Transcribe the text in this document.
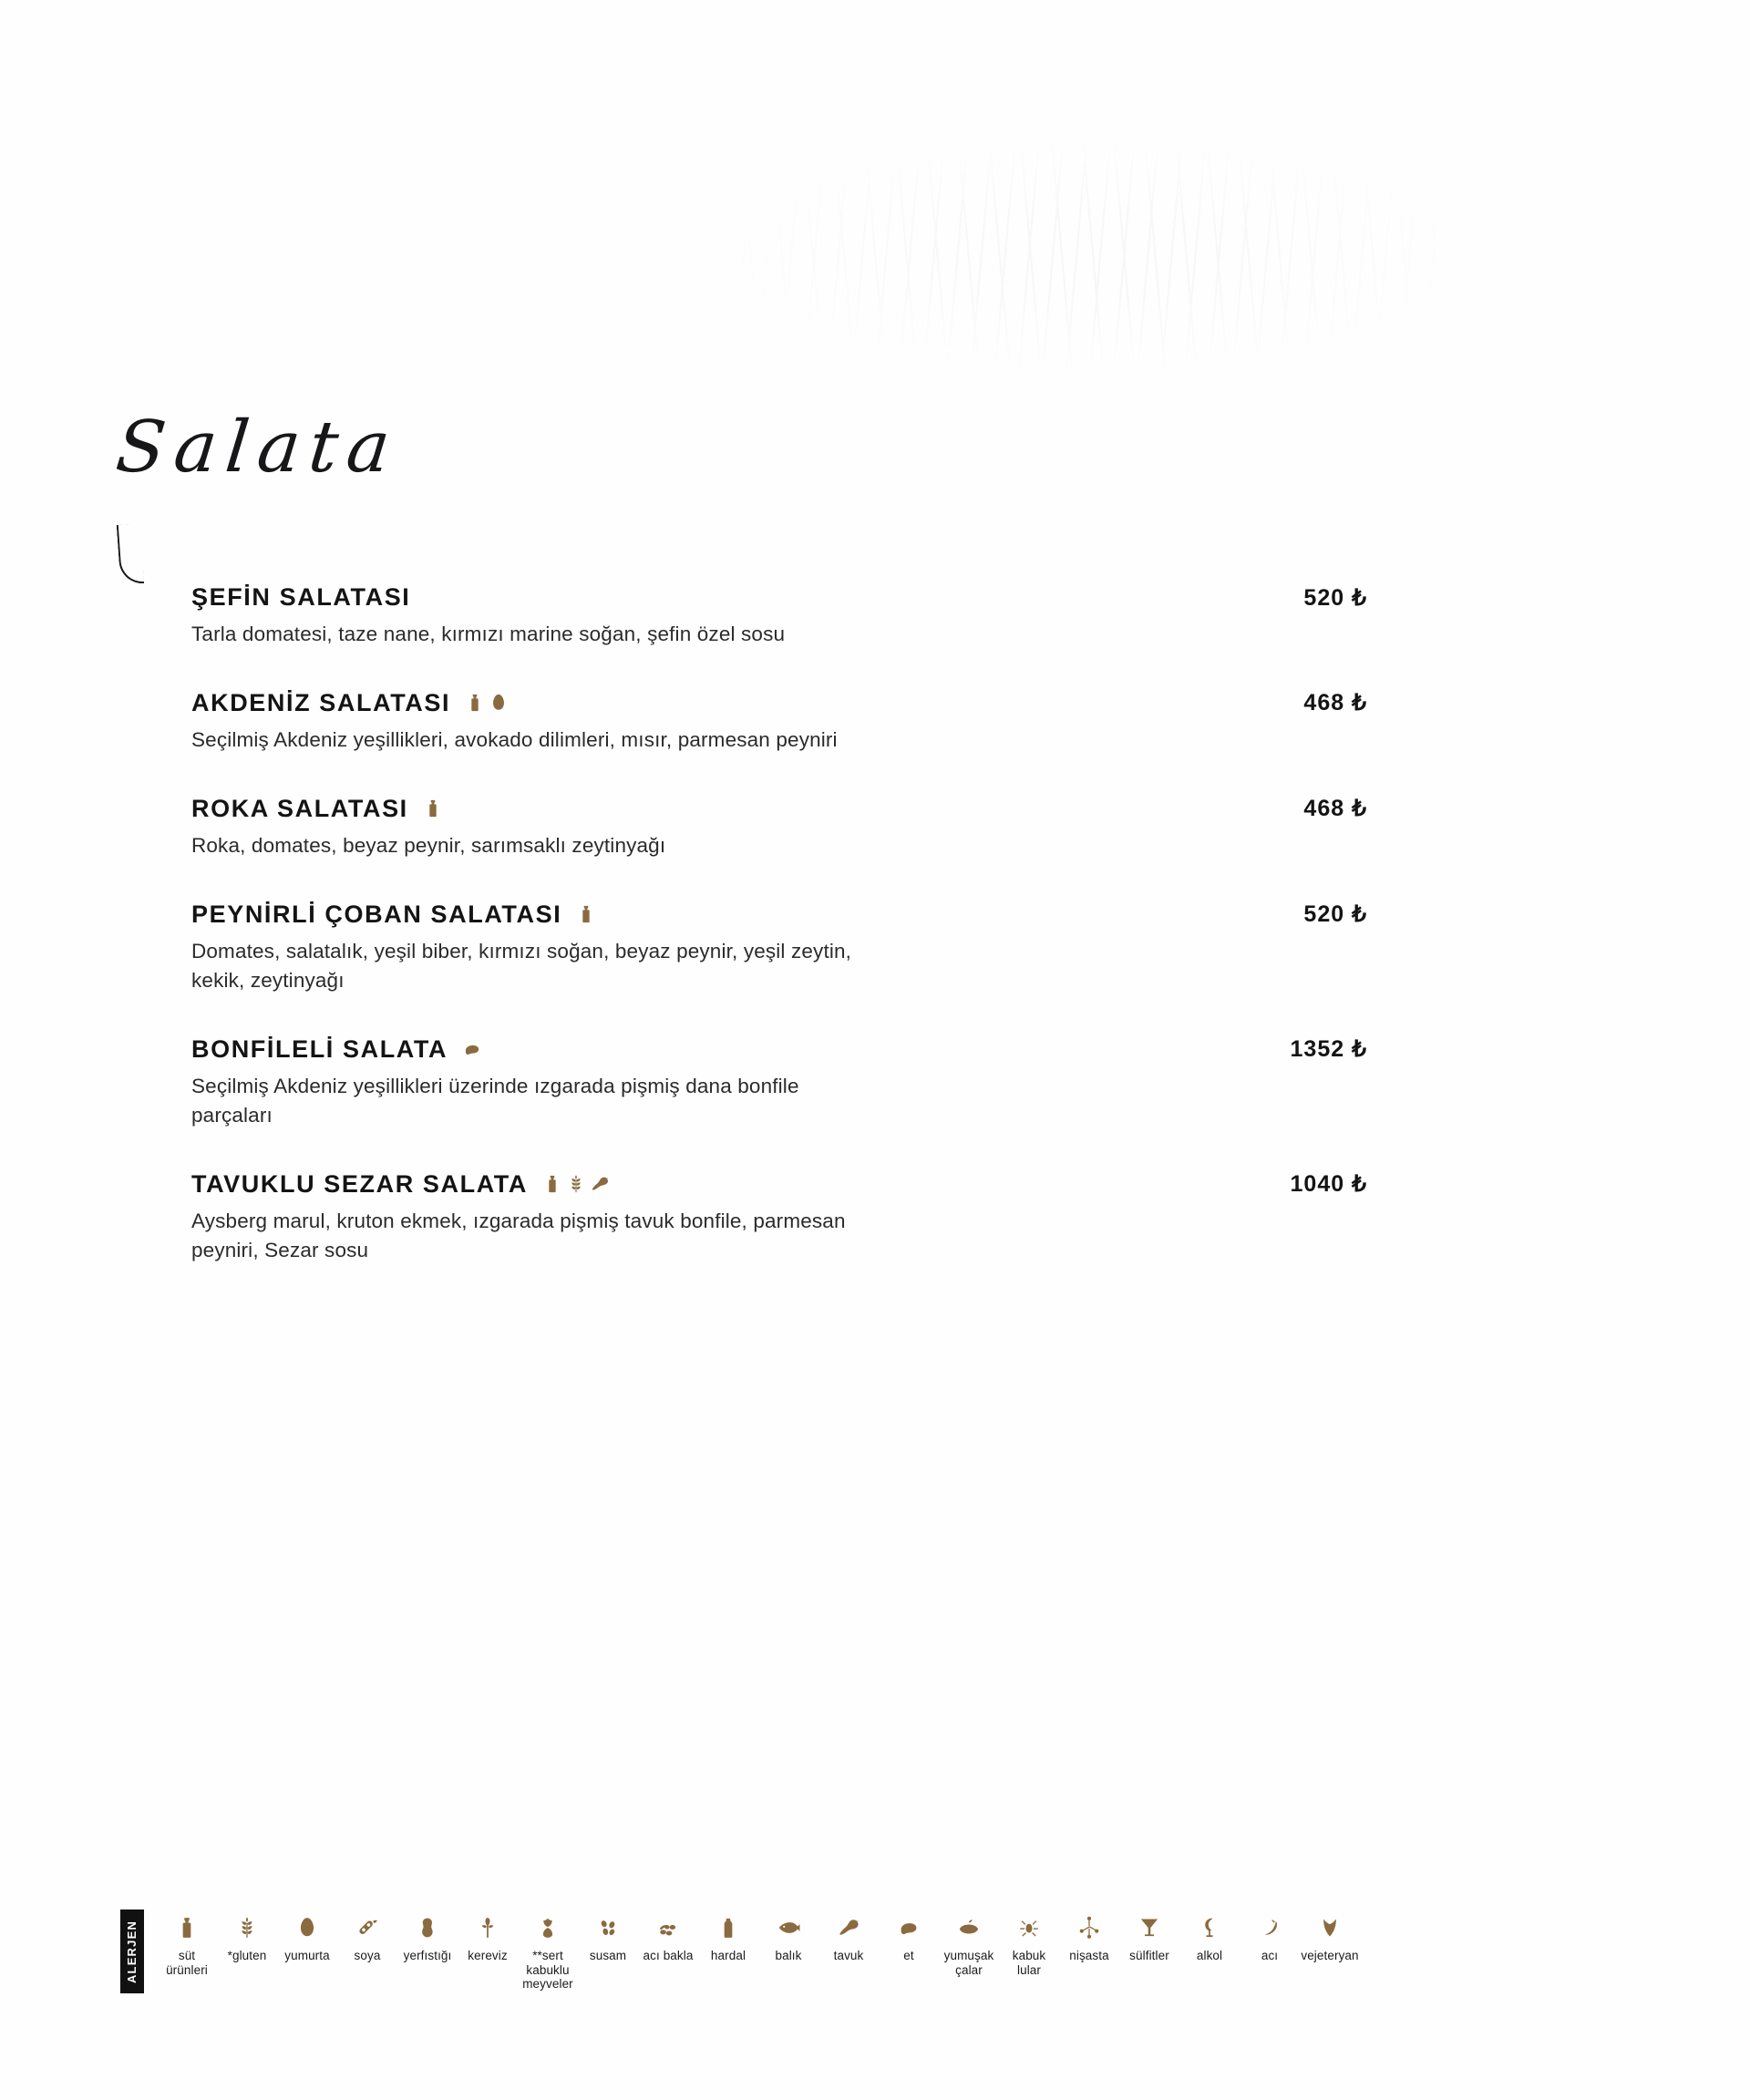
Salata
ŞEFİN SALATASI	520 ₺
Tarla domatesi, taze nane, kırmızı marine soğan, şefin özel sosu
AKDENİZ SALATASI	468 ₺
Seçilmiş Akdeniz yeşillikleri, avokado dilimleri, mısır, parmesan peyniri
ROKA SALATASI	468 ₺
Roka, domates, beyaz peynir, sarımsaklı zeytinyağı
PEYNİRLİ ÇOBAN SALATASI	520 ₺
Domates, salatalık, yeşil biber, kırmızı soğan, beyaz peynir, yeşil zeytin, kekik, zeytinyağı
BONFİLELİ SALATA	1352 ₺
Seçilmiş Akdeniz yeşillikleri üzerinde ızgarada pişmiş dana bonfile parçaları
TAVUKLU SEZAR SALATA	1040 ₺
Aysberg marul, kruton ekmek, ızgarada pişmiş tavuk bonfile, parmesan peyniri, Sezar sosu
ALERJEN	süt ürünleri
*gluten yumurta soya yerfıstığı kereviz	**sert kabuklu meyveler
susam acı bakla hardal balık	tavuk	et	yumuşak çalar
kabuk lular
nişasta sülfitler alkol	acı vejeteryan
